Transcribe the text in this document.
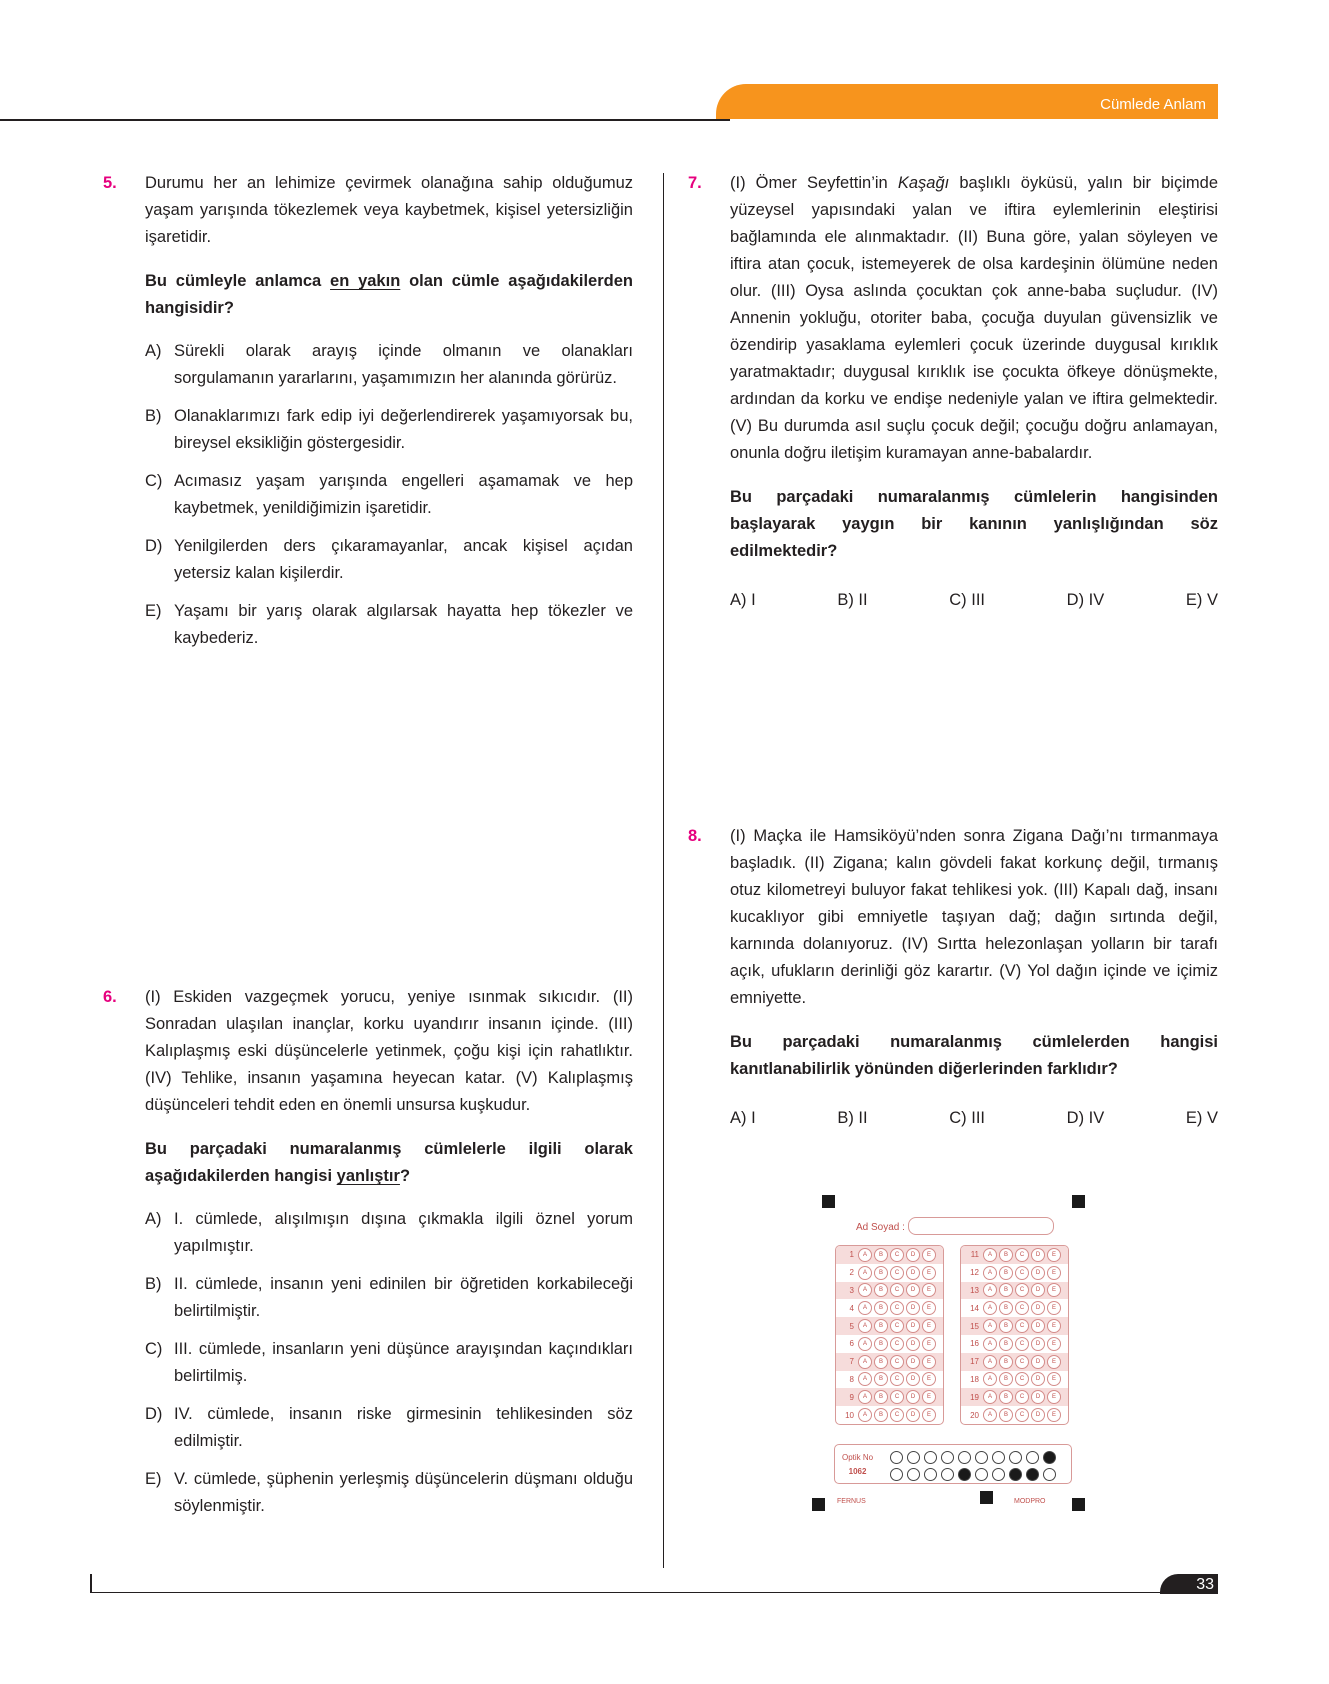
Cümlede Anlam
5. Durumu her an lehimize çevirmek olanağına sahip olduğumuz yaşam yarışında tökezlemek veya kaybetmek, kişisel yetersizliğin işaretidir.
Bu cümleyle anlamca en yakın olan cümle aşağıdakilerden hangisidir?
A) Sürekli olarak arayış içinde olmanın ve olanakları sorgulamanın yararlarını, yaşamımızın her alanında görürüz.
B) Olanaklarımızı fark edip iyi değerlendirerek yaşamıyorsak bu, bireysel eksikliğin göstergesidir.
C) Acımasız yaşam yarışında engelleri aşamamak ve hep kaybetmek, yenildiğimizin işaretidir.
D) Yenilgilerden ders çıkaramayanlar, ancak kişisel açıdan yetersiz kalan kişilerdir.
E) Yaşamı bir yarış olarak algılarsak hayatta hep tökezler ve kaybederiz.
6. (I) Eskiden vazgeçmek yorucu, yeniye ısınmak sıkıcıdır. (II) Sonradan ulaşılan inançlar, korku uyandırır insanın içinde. (III) Kalıplaşmış eski düşüncelerle yetinmek, çoğu kişi için rahatlıktır. (IV) Tehlike, insanın yaşamına heyecan katar. (V) Kalıplaşmış düşünceleri tehdit eden en önemli unsursa kuşkudur.
Bu parçadaki numaralanmış cümlelerle ilgili olarak aşağıdakilerden hangisi yanlıştır?
A) I. cümlede, alışılmışın dışına çıkmakla ilgili öznel yorum yapılmıştır.
B) II. cümlede, insanın yeni edinilen bir öğretiden korkabileceği belirtilmiştir.
C) III. cümlede, insanların yeni düşünce arayışından kaçındıkları belirtilmiş.
D) IV. cümlede, insanın riske girmesinin tehlikesinden söz edilmiştir.
E) V. cümlede, şüphenin yerleşmiş düşüncelerin düşmanı olduğu söylenmiştir.
7. (I) Ömer Seyfettin’in Kaşağı başlıklı öyküsü, yalın bir biçimde yüzeysel yapısındaki yalan ve iftira eylemlerinin eleştirisi bağlamında ele alınmaktadır. (II) Buna göre, yalan söyleyen ve iftira atan çocuk, istemeyerek de olsa kardeşinin ölümüne neden olur. (III) Oysa aslında çocuktan çok anne-baba suçludur. (IV) Annenin yokluğu, otoriter baba, çocuğa duyulan güvensizlik ve özendirip yasaklama eylemleri çocuk üzerinde duygusal kırıklık yaratmaktadır; duygusal kırıklık ise çocukta öfkeye dönüşmekte, ardından da korku ve endişe nedeniyle yalan ve iftira gelmektedir. (V) Bu durumda asıl suçlu çocuk değil; çocuğu doğru anlamayan, onunla doğru iletişim kuramayan anne-babalardır.
Bu parçadaki numaralanmış cümlelerin hangisinden başlayarak yaygın bir kanının yanlışlığından söz edilmektedir?
A) I	B) II	C) III	D) IV	E) V
8. (I) Maçka ile Hamsiköyü’nden sonra Zigana Dağı’nı tırmanmaya başladık. (II) Zigana; kalın gövdeli fakat korkunç değil, tırmanış otuz kilometreyi buluyor fakat tehlikesi yok. (III) Kapalı dağ, insanı kucaklıyor gibi emniyetle taşıyan dağ; dağın sırtında değil, karnında dolanıyoruz. (IV) Sırtta helezonlaşan yolların bir tarafı açık, ufukların derinliği göz karartır. (V) Yol dağın içinde ve içimiz emniyette.
Bu parçadaki numaralanmış cümlelerden hangisi kanıtlanabilirlik yönünden diğerlerinden farklıdır?
A) I	B) II	C) III	D) IV	E) V
Ad Soyad :
1	A	B	C	D	E
2	A	B	C	D	E
3	A	B	C	D	E
4	A	B	C	D	E
5	A	B	C	D	E
6	A	B	C	D	E
7	A	B	C	D	E
8	A	B	C	D	E
9	A	B	C	D	E
10	A	B	C	D	E
11	A	B	C	D	E
12	A	B	C	D	E
13	A	B	C	D	E
14	A	B	C	D	E
15	A	B	C	D	E
16	A	B	C	D	E
17	A	B	C	D	E
18	A	B	C	D	E
19	A	B	C	D	E
20	A	B	C	D	E
Optik No
1062
FERNUS	MODPRO
33
